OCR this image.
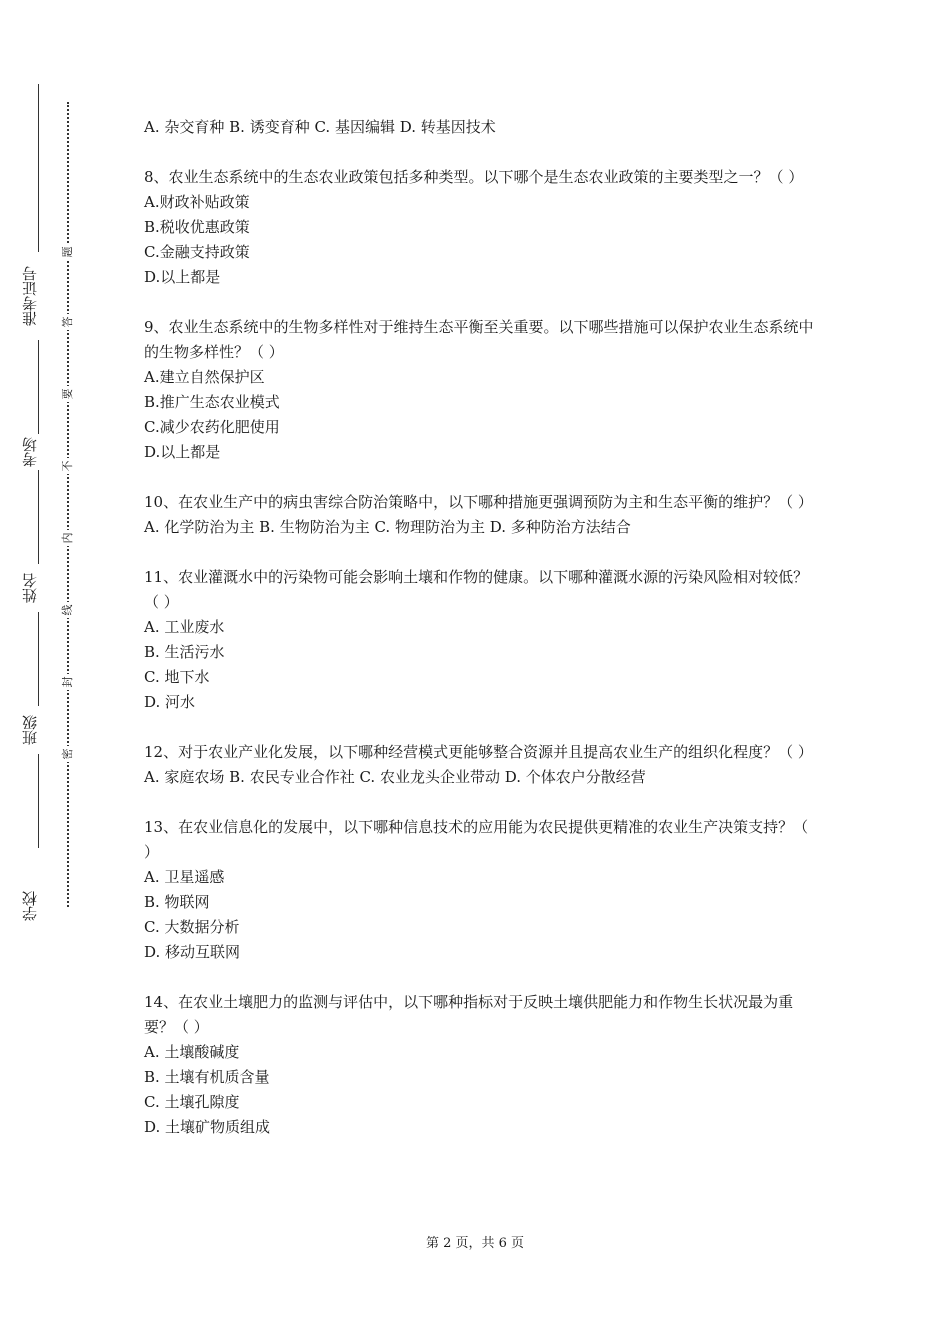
准考证号
考场
姓名
班级
学校
题
答
要
不
内
线
封
密
A. 杂交育种 B. 诱变育种 C. 基因编辑 D. 转基因技术
8、农业生态系统中的生态农业政策包括多种类型。以下哪个是生态农业政策的主要类型之一？（ ）
A.财政补贴政策
B.税收优惠政策
C.金融支持政策
D.以上都是
9、农业生态系统中的生物多样性对于维持生态平衡至关重要。以下哪些措施可以保护农业生态系统中的生物多样性？（ ）
A.建立自然保护区
B.推广生态农业模式
C.减少农药化肥使用
D.以上都是
10、在农业生产中的病虫害综合防治策略中，以下哪种措施更强调预防为主和生态平衡的维护？（ ）
A. 化学防治为主 B. 生物防治为主 C. 物理防治为主 D. 多种防治方法结合
11、农业灌溉水中的污染物可能会影响土壤和作物的健康。以下哪种灌溉水源的污染风险相对较低？（ ）
A. 工业废水
B. 生活污水
C. 地下水
D. 河水
12、对于农业产业化发展，以下哪种经营模式更能够整合资源并且提高农业生产的组织化程度？（ ）
A. 家庭农场 B. 农民专业合作社 C. 农业龙头企业带动 D. 个体农户分散经营
13、在农业信息化的发展中，以下哪种信息技术的应用能为农民提供更精准的农业生产决策支持？（ ）
A. 卫星遥感
B. 物联网
C. 大数据分析
D. 移动互联网
14、在农业土壤肥力的监测与评估中，以下哪种指标对于反映土壤供肥能力和作物生长状况最为重要？（ ）
A. 土壤酸碱度
B. 土壤有机质含量
C. 土壤孔隙度
D. 土壤矿物质组成
第 2 页，共 6 页
